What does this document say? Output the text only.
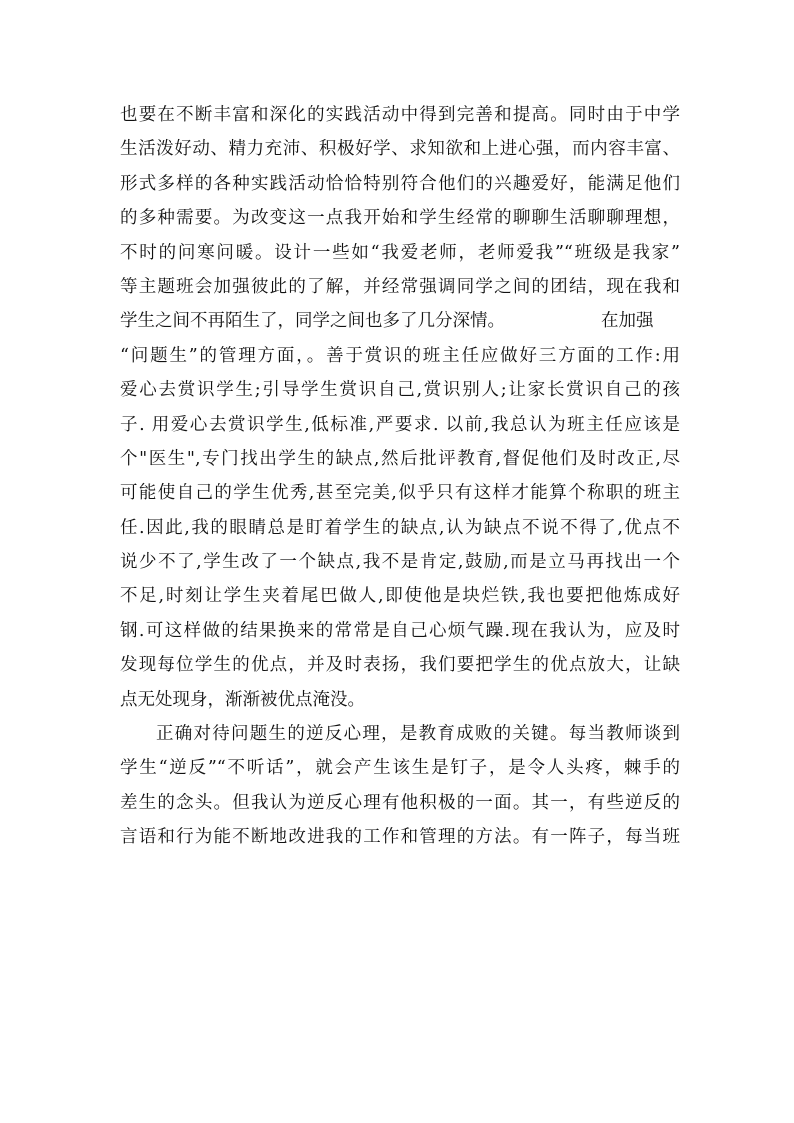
也要在不断丰富和深化的实践活动中得到完善和提高。同时由于中学
生活泼好动、精力充沛、积极好学、求知欲和上进心强，而内容丰富、
形式多样的各种实践活动恰恰特别符合他们的兴趣爱好，能满足他们
的多种需要。为改变这一点我开始和学生经常的聊聊生活聊聊理想，
不时的问寒问暖。设计一些如“我爱老师，老师爱我”“班级是我家”
等主题班会加强彼此的了解，并经常强调同学之间的团结，现在我和
学生之间不再陌生了，同学之间也多了几分深情。	在加强
“问题生”的管理方面，。善于赏识的班主任应做好三方面的工作:用
爱心去赏识学生;引导学生赏识自己,赏识别人;让家长赏识自己的孩
子. 用爱心去赏识学生,低标准,严要求. 以前,我总认为班主任应该是
个"医生",专门找出学生的缺点,然后批评教育,督促他们及时改正,尽
可能使自己的学生优秀,甚至完美,似乎只有这样才能算个称职的班主
任.因此,我的眼睛总是盯着学生的缺点,认为缺点不说不得了,优点不
说少不了,学生改了一个缺点,我不是肯定,鼓励,而是立马再找出一个
不足,时刻让学生夹着尾巴做人,即使他是块烂铁,我也要把他炼成好
钢.可这样做的结果换来的常常是自己心烦气躁.现在我认为，应及时
发现每位学生的优点，并及时表扬，我们要把学生的优点放大，让缺
点无处现身，渐渐被优点淹没。
正确对待问题生的逆反心理，是教育成败的关键。每当教师谈到
学生“逆反”“不听话”，就会产生该生是钉子，是令人头疼，棘手的
差生的念头。但我认为逆反心理有他积极的一面。其一，有些逆反的
言语和行为能不断地改进我的工作和管理的方法。有一阵子，每当班
